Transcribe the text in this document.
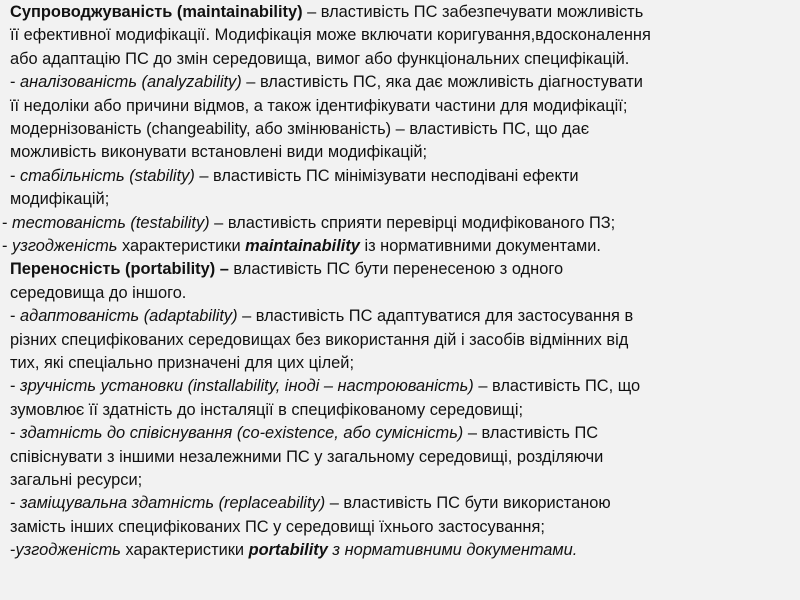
Супроводжуваність (maintainability) – властивість ПС забезпечувати можливість
її ефективної модифікації. Модифікація може включати коригування,вдосконалення
або адаптацію ПС до змін середовища, вимог або функціональних специфікацій.
- аналізованість (analyzability) – властивість ПС, яка дає можливість діагностувати
її недоліки або причини відмов, а також ідентифікувати частини для модифікації;
модернізованість (changeability, або змінюваність) – властивість ПС, що дає
можливість виконувати встановлені види модифікацій;
- стабільність (stability) – властивість ПС мінімізувати несподівані ефекти
модифікацій;
- тестованість (testability) – властивість сприяти перевірці модифікованого ПЗ;
- узгодженість характеристики maintainability із нормативними документами.
Переносність (portability) – властивість ПС бути перенесеною з одного
середовища до іншого.
- адаптованість (adaptability) – властивість ПС адаптуватися для застосування в
різних специфікованих середовищах без використання дій і засобів відмінних від
тих, які спеціально призначені для цих цілей;
- зручність установки (installability, іноді – настроюваність) – властивість ПС, що
зумовлює її здатність до інсталяції в специфікованому середовищі;
- здатність до співіснування (co-existence, або сумісність) – властивість ПС
співіснувати з іншими незалежними ПС у загальному середовищі, розділяючи
загальні ресурси;
- заміщувальна здатність (replaceability) – властивість ПС бути використаною
замість інших специфікованих ПС у середовищі їхнього застосування;
-узгодженість характеристики portability з нормативними документами.
